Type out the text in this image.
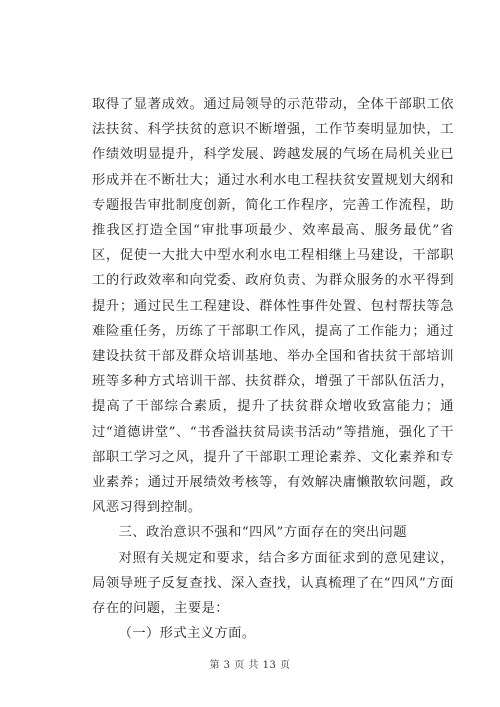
取得了显著成效。通过局领导的示范带动，全体干部职工依法扶贫、科学扶贫的意识不断增强，工作节奏明显加快，工作绩效明显提升，科学发展、跨越发展的气场在局机关业已形成并在不断壮大；通过水利水电工程扶贫安置规划大纲和专题报告审批制度创新，简化工作程序，完善工作流程，助推我区打造全国“审批事项最少、效率最高、服务最优”省区，促使一大批大中型水利水电工程相继上马建设，干部职工的行政效率和向党委、政府负责、为群众服务的水平得到提升；通过民生工程建设、群体性事件处置、包村帮扶等急难险重任务，历练了干部职工作风，提高了工作能力；通过建设扶贫干部及群众培训基地、举办全国和省扶贫干部培训班等多种方式培训干部、扶贫群众，增强了干部队伍活力，提高了干部综合素质，提升了扶贫群众增收致富能力；通过“道德讲堂”、“书香溢扶贫局读书活动”等措施，强化了干部职工学习之风，提升了干部职工理论素养、文化素养和专业素养；通过开展绩效考核等，有效解决庸懒散软问题，政风恶习得到控制。

三、政治意识不强和“四风”方面存在的突出问题

对照有关规定和要求，结合多方面征求到的意见建议，局领导班子反复查找、深入查找，认真梳理了在“四风”方面存在的问题，主要是：

（一）形式主义方面。

第 3 页 共 13 页
